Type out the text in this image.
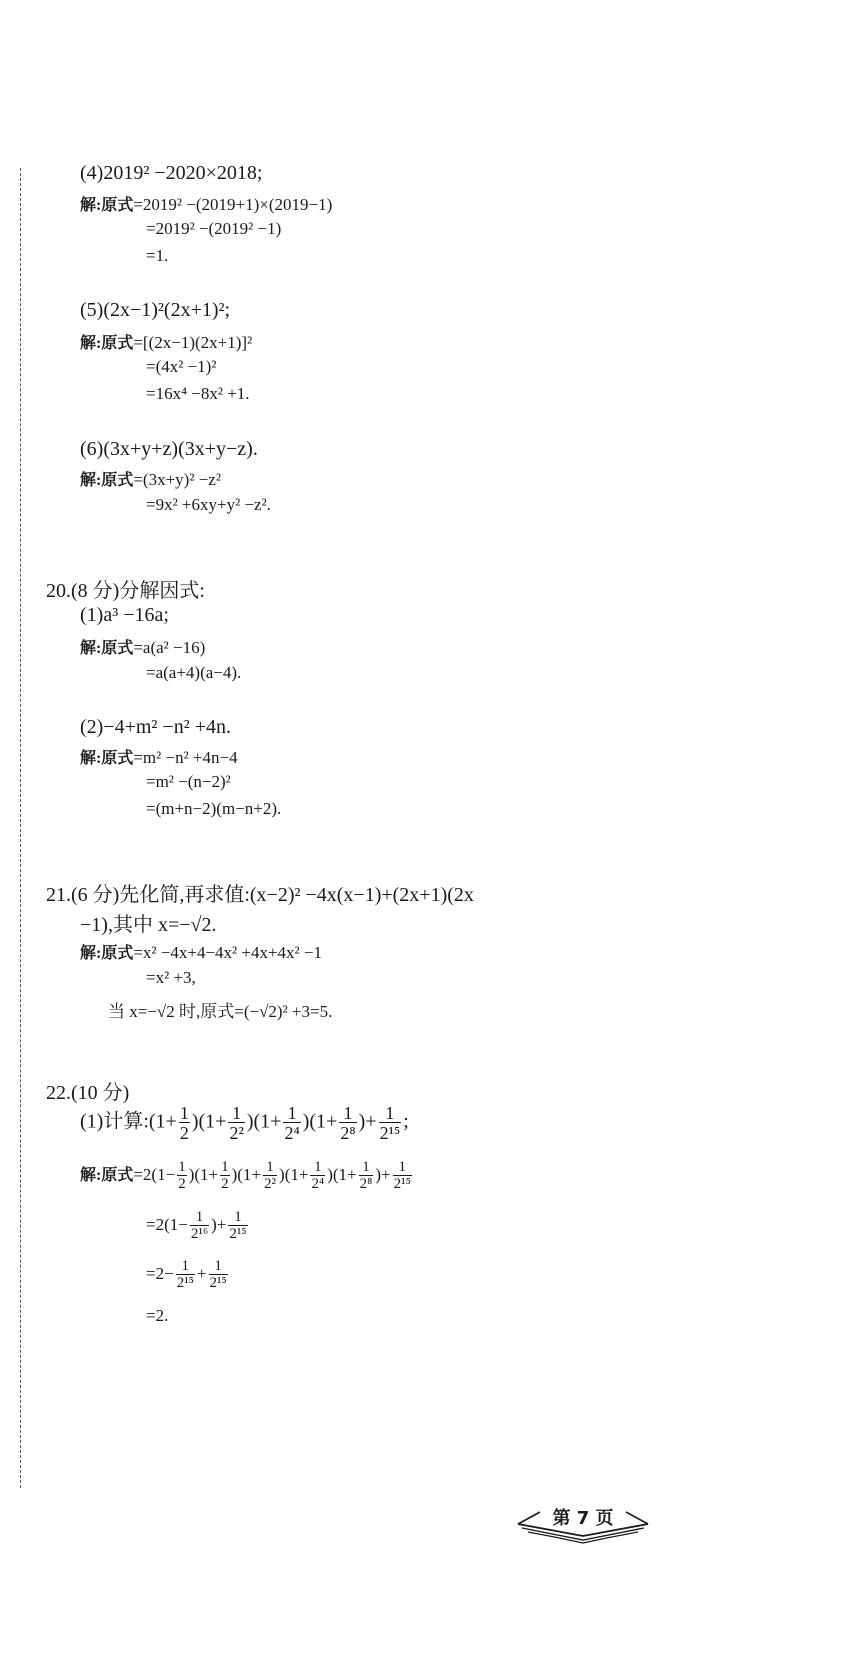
(4)2019² −2020×2018;
解:原式=2019² −(2019+1)×(2019−1)
=2019² −(2019² −1)
=1.
(5)(2x−1)²(2x+1)²;
解:原式=[(2x−1)(2x+1)]²
=(4x² −1)²
=16x⁴ −8x² +1.
(6)(3x+y+z)(3x+y−z).
解:原式=(3x+y)² −z²
=9x² +6xy+y² −z².
20.(8 分)分解因式:
(1)a³ −16a;
解:原式=a(a² −16)
=a(a+4)(a−4).
(2)−4+m² −n² +4n.
解:原式=m² −n² +4n−4
=m² −(n−2)²
=(m+n−2)(m−n+2).
21.(6 分)先化简,再求值:(x−2)² −4x(x−1)+(2x+1)(2x
−1),其中 x=−√2.
解:原式=x² −4x+4−4x² +4x+4x² −1
=x² +3,
当 x=−√2 时,原式=(−√2)² +3=5.
22.(10 分)
(1)计算:(1+ $\frac{1}{2} )(1+ \frac{1}{\text{2²}} )(1+ \frac{1}{\text{2⁴}} )(1+ \frac{1}{\text{2⁸}}$ )+ $\frac{1}{\text{2¹⁵}}$ ;
解:原式$=2(1- \frac{1}{2} )(1+ \frac{1}{2} )(1+ \frac{1}{\text{2²}} )(1+ \frac{1}{\text{2⁴}} )(1+ \frac{1}{\text{2⁸}}$ )+ $\frac{1}{\text{2¹⁵}}$
$=2(1- \frac{1}{\text{2¹⁶}}$ )+ $\frac{1}{\text{2¹⁵}}$
$=2- \frac{1}{\text{2¹⁵}} + \frac{1}{\text{2¹⁵}}$
=2.
第 7 页
